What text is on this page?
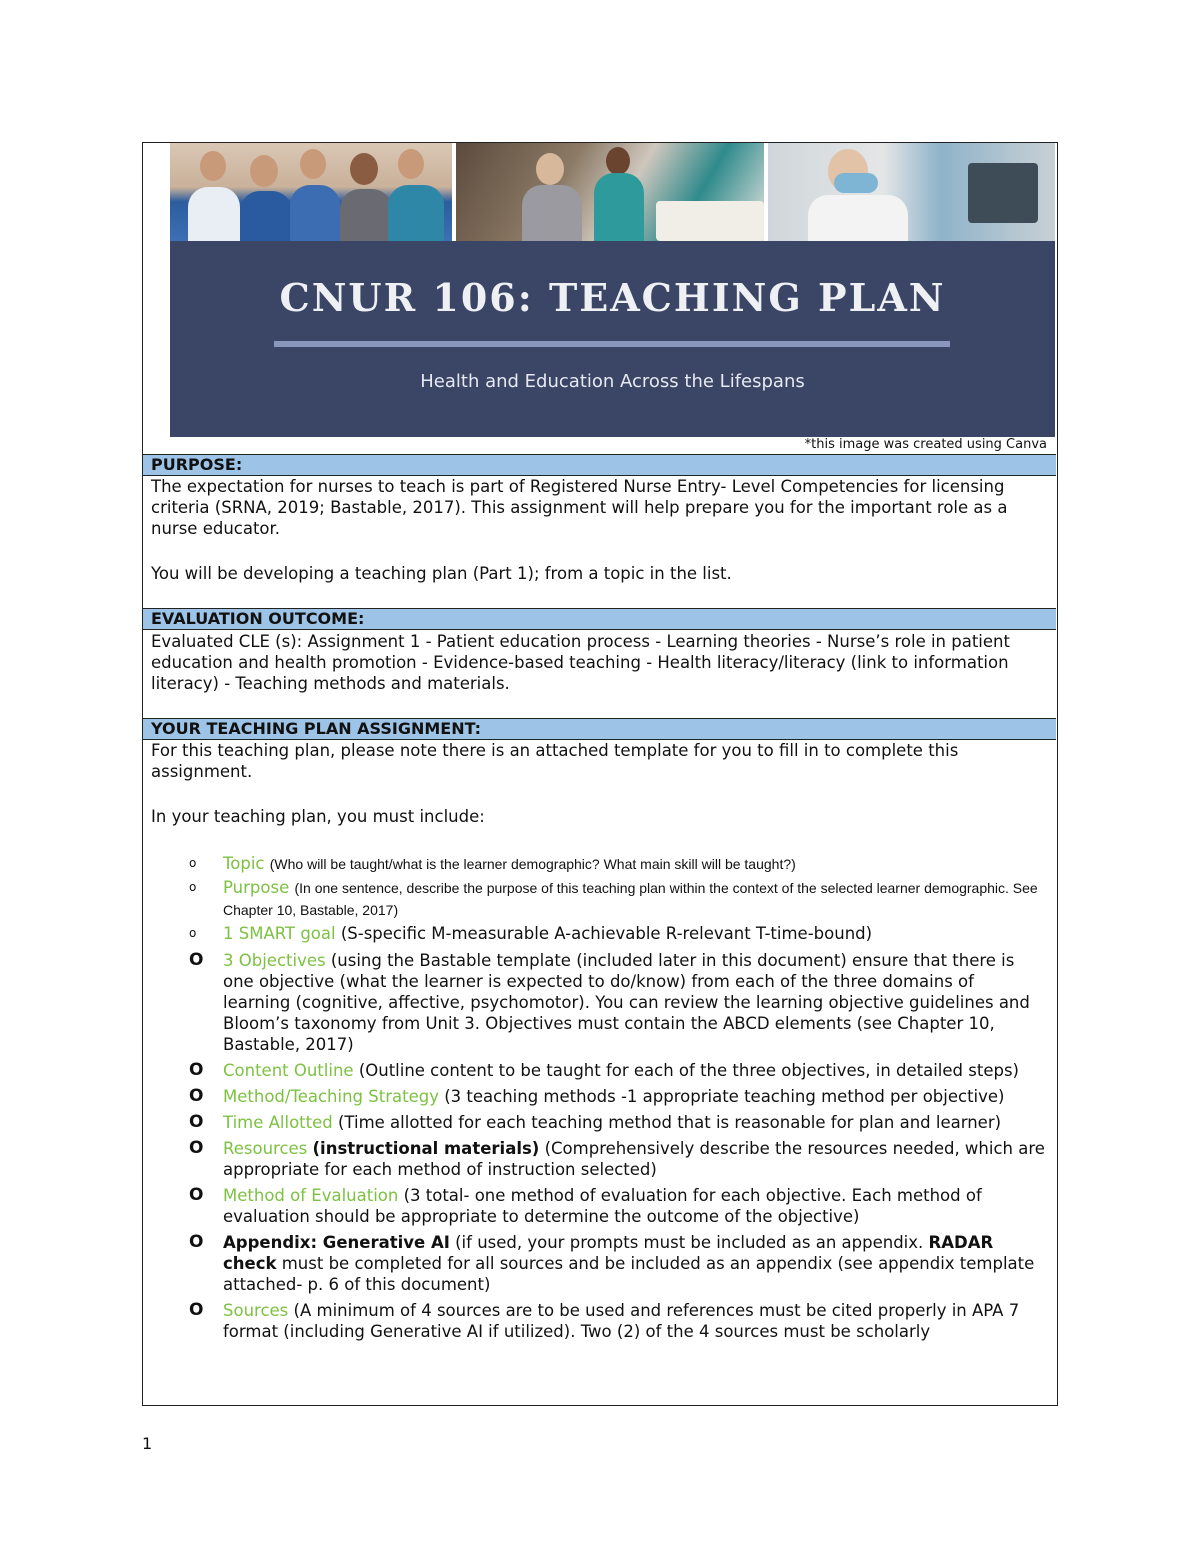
CNUR 106: TEACHING PLAN
Health and Education Across the Lifespans
*this image was created using Canva
PURPOSE:

The expectation for nurses to teach is part of Registered Nurse Entry- Level Competencies for licensing criteria (SRNA, 2019; Bastable, 2017). This assignment will help prepare you for the important role as a nurse educator.

You will be developing a teaching plan (Part 1); from a topic in the list.

EVALUATION OUTCOME:

Evaluated CLE (s): Assignment 1 - Patient education process - Learning theories - Nurse’s role in patient education and health promotion - Evidence-based teaching - Health literacy/literacy (link to information literacy) - Teaching methods and materials.

YOUR TEACHING PLAN ASSIGNMENT:

For this teaching plan, please note there is an attached template for you to fill in to complete this assignment.

In your teaching plan, you must include:

o Topic (Who will be taught/what is the learner demographic? What main skill will be taught?)
o Purpose (In one sentence, describe the purpose of this teaching plan within the context of the selected learner demographic. See Chapter 10, Bastable, 2017)
o 1 SMART goal (S-specific M-measurable A-achievable R-relevant T-time-bound)
O 3 Objectives (using the Bastable template (included later in this document) ensure that there is one objective (what the learner is expected to do/know) from each of the three domains of learning (cognitive, affective, psychomotor). You can review the learning objective guidelines and Bloom’s taxonomy from Unit 3. Objectives must contain the ABCD elements (see Chapter 10, Bastable, 2017)
O Content Outline (Outline content to be taught for each of the three objectives, in detailed steps)
O Method/Teaching Strategy (3 teaching methods -1 appropriate teaching method per objective)
O Time Allotted (Time allotted for each teaching method that is reasonable for plan and learner)
O Resources (instructional materials) (Comprehensively describe the resources needed, which are appropriate for each method of instruction selected)
O Method of Evaluation (3 total- one method of evaluation for each objective. Each method of evaluation should be appropriate to determine the outcome of the objective)
O Appendix: Generative AI (if used, your prompts must be included as an appendix. RADAR check must be completed for all sources and be included as an appendix (see appendix template attached- p. 6 of this document)
O Sources (A minimum of 4 sources are to be used and references must be cited properly in APA 7 format (including Generative AI if utilized). Two (2) of the 4 sources must be scholarly
1
